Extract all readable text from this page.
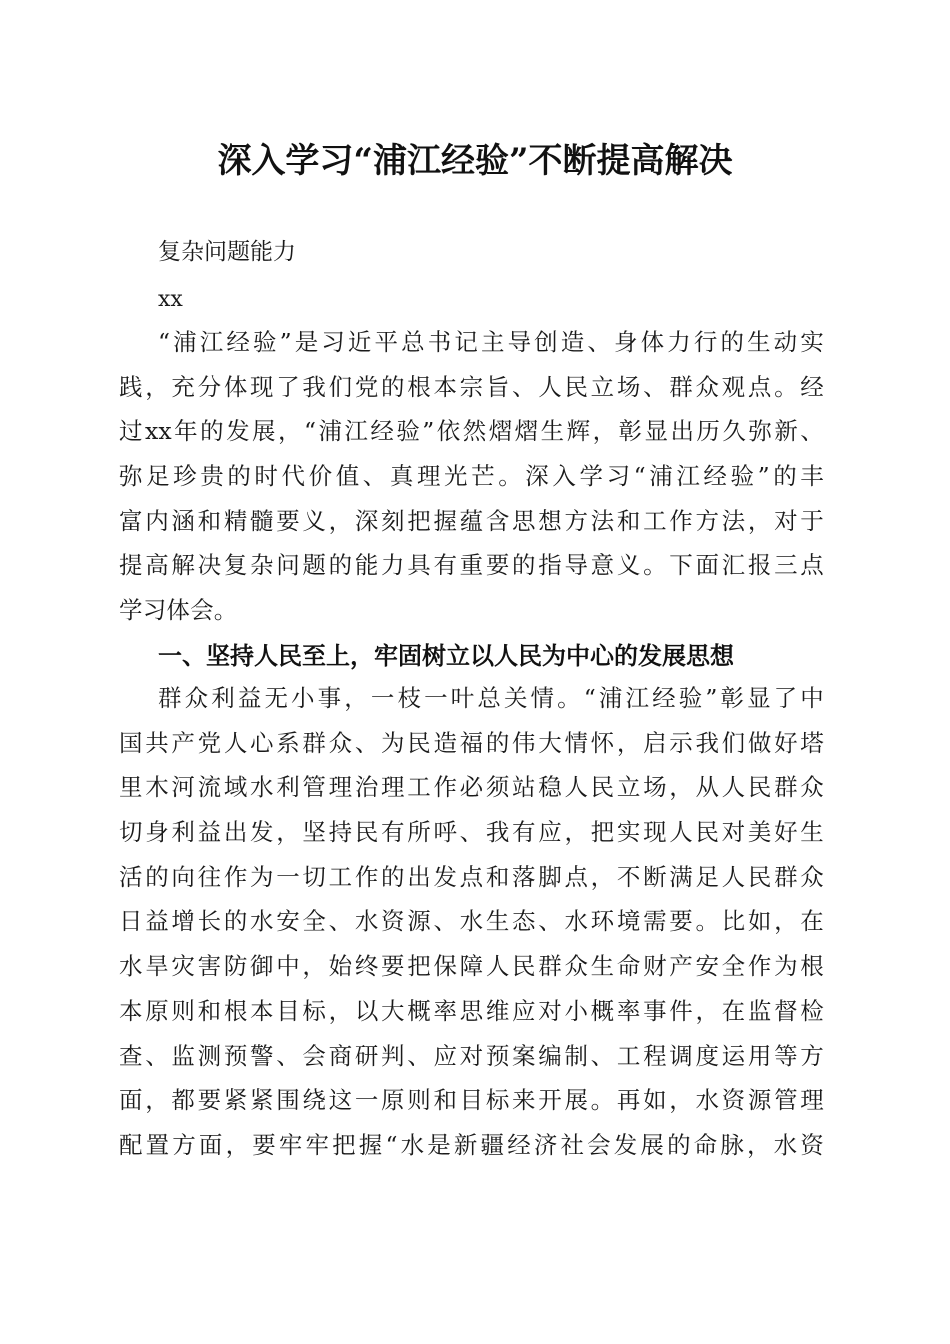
深入学习“浦江经验”不断提高解决
复杂问题能力
xx
“浦江经验”是习近平总书记主导创造、身体力行的生动实
践，充分体现了我们党的根本宗旨、人民立场、群众观点。经
过xx年的发展，“浦江经验”依然熠熠生辉，彰显出历久弥新、
弥足珍贵的时代价值、真理光芒。深入学习“浦江经验”的丰
富内涵和精髓要义，深刻把握蕴含思想方法和工作方法，对于
提高解决复杂问题的能力具有重要的指导意义。下面汇报三点
学习体会。
一、坚持人民至上，牢固树立以人民为中心的发展思想
群众利益无小事，一枝一叶总关情。“浦江经验”彰显了中
国共产党人心系群众、为民造福的伟大情怀，启示我们做好塔
里木河流域水利管理治理工作必须站稳人民立场，从人民群众
切身利益出发，坚持民有所呼、我有应，把实现人民对美好生
活的向往作为一切工作的出发点和落脚点，不断满足人民群众
日益增长的水安全、水资源、水生态、水环境需要。比如，在
水旱灾害防御中，始终要把保障人民群众生命财产安全作为根
本原则和根本目标，以大概率思维应对小概率事件，在监督检
查、监测预警、会商研判、应对预案编制、工程调度运用等方
面，都要紧紧围绕这一原则和目标来开展。再如，水资源管理
配置方面，要牢牢把握“水是新疆经济社会发展的命脉，水资
